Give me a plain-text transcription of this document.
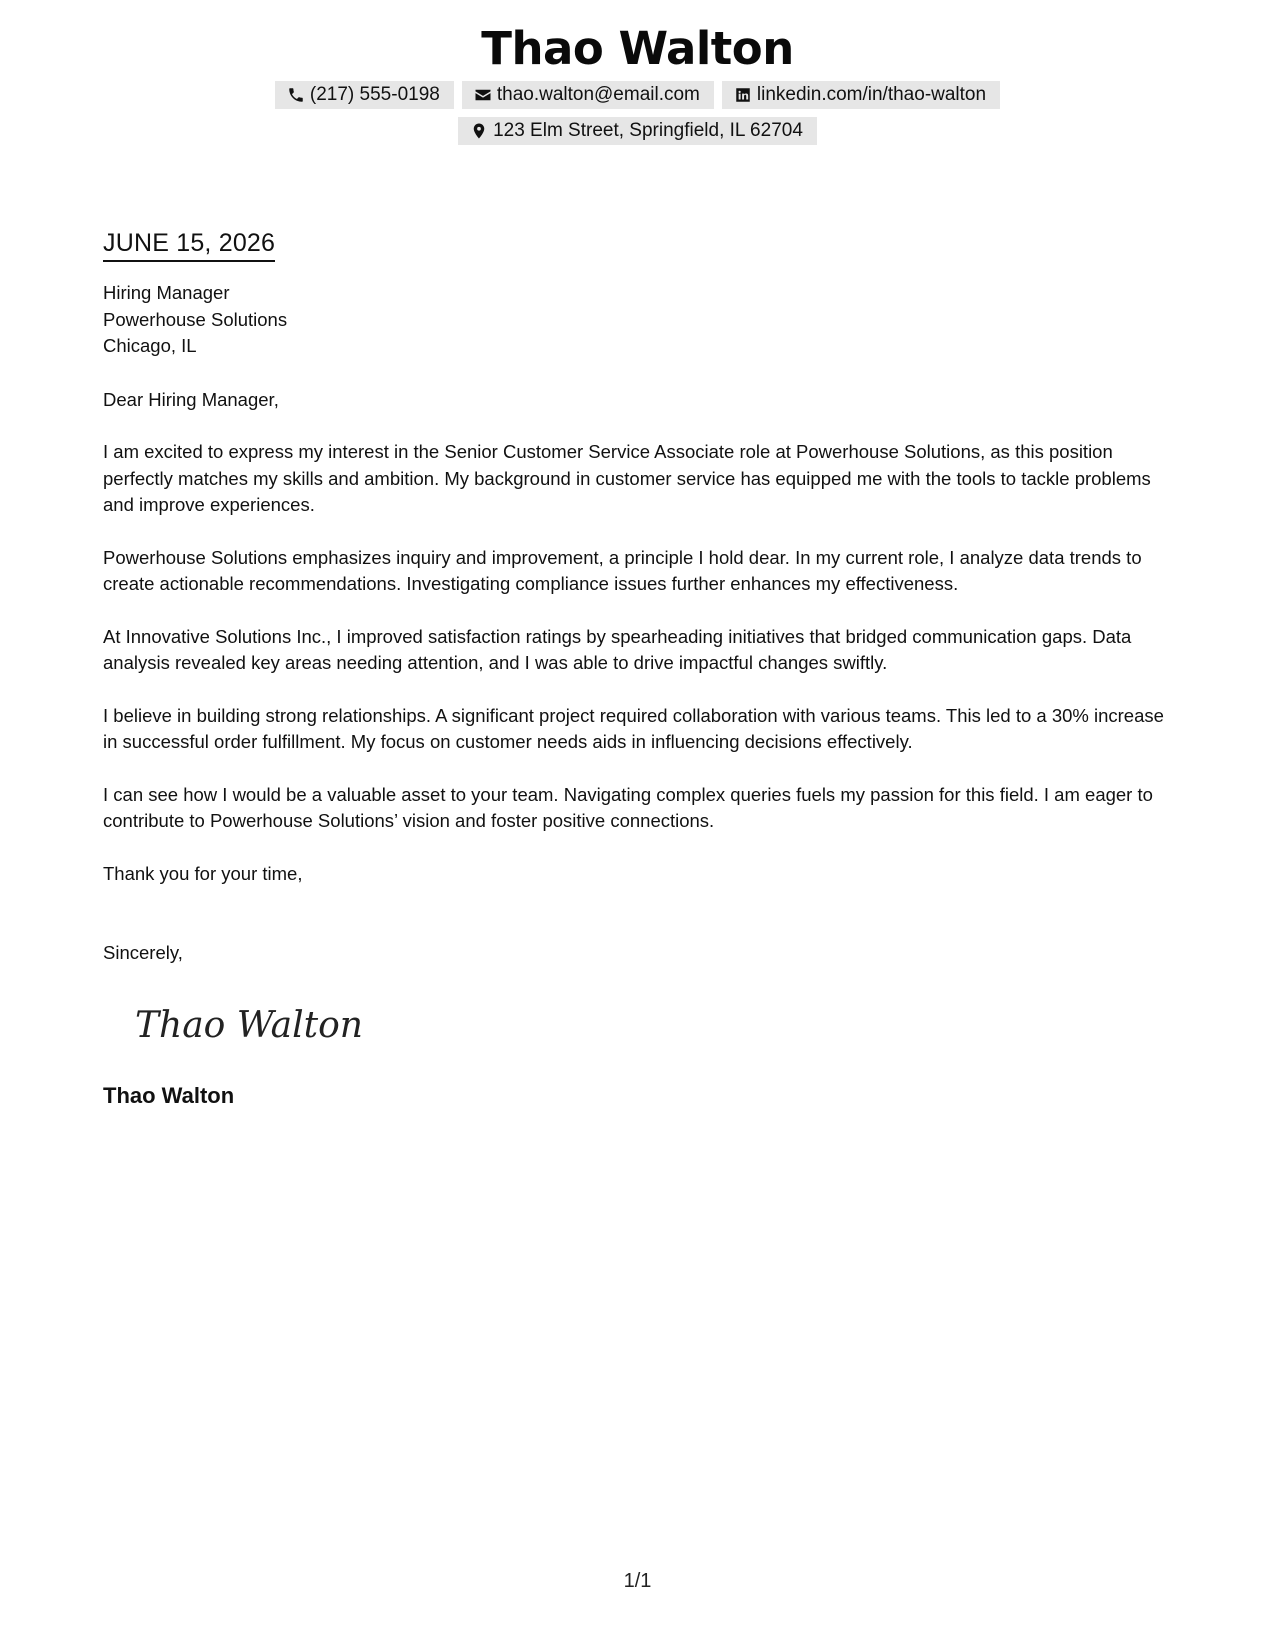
Thao Walton
(217) 555-0198	thao.walton@email.com	linkedin.com/in/thao-walton
123 Elm Street, Springfield, IL 62704
JUNE 15, 2026
Hiring Manager
Powerhouse Solutions
Chicago, IL
Dear Hiring Manager,

I am excited to express my interest in the Senior Customer Service Associate role at Powerhouse Solutions, as this position perfectly matches my skills and ambition. My background in customer service has equipped me with the tools to tackle problems and improve experiences.

Powerhouse Solutions emphasizes inquiry and improvement, a principle I hold dear. In my current role, I analyze data trends to create actionable recommendations. Investigating compliance issues further enhances my effectiveness.

At Innovative Solutions Inc., I improved satisfaction ratings by spearheading initiatives that bridged communication gaps. Data analysis revealed key areas needing attention, and I was able to drive impactful changes swiftly.

I believe in building strong relationships. A significant project required collaboration with various teams. This led to a 30% increase in successful order fulfillment. My focus on customer needs aids in influencing decisions effectively.

I can see how I would be a valuable asset to your team. Navigating complex queries fuels my passion for this field. I am eager to contribute to Powerhouse Solutions’ vision and foster positive connections.

Thank you for your time,
Sincerely,
Thao Walton
Thao Walton
1/1
